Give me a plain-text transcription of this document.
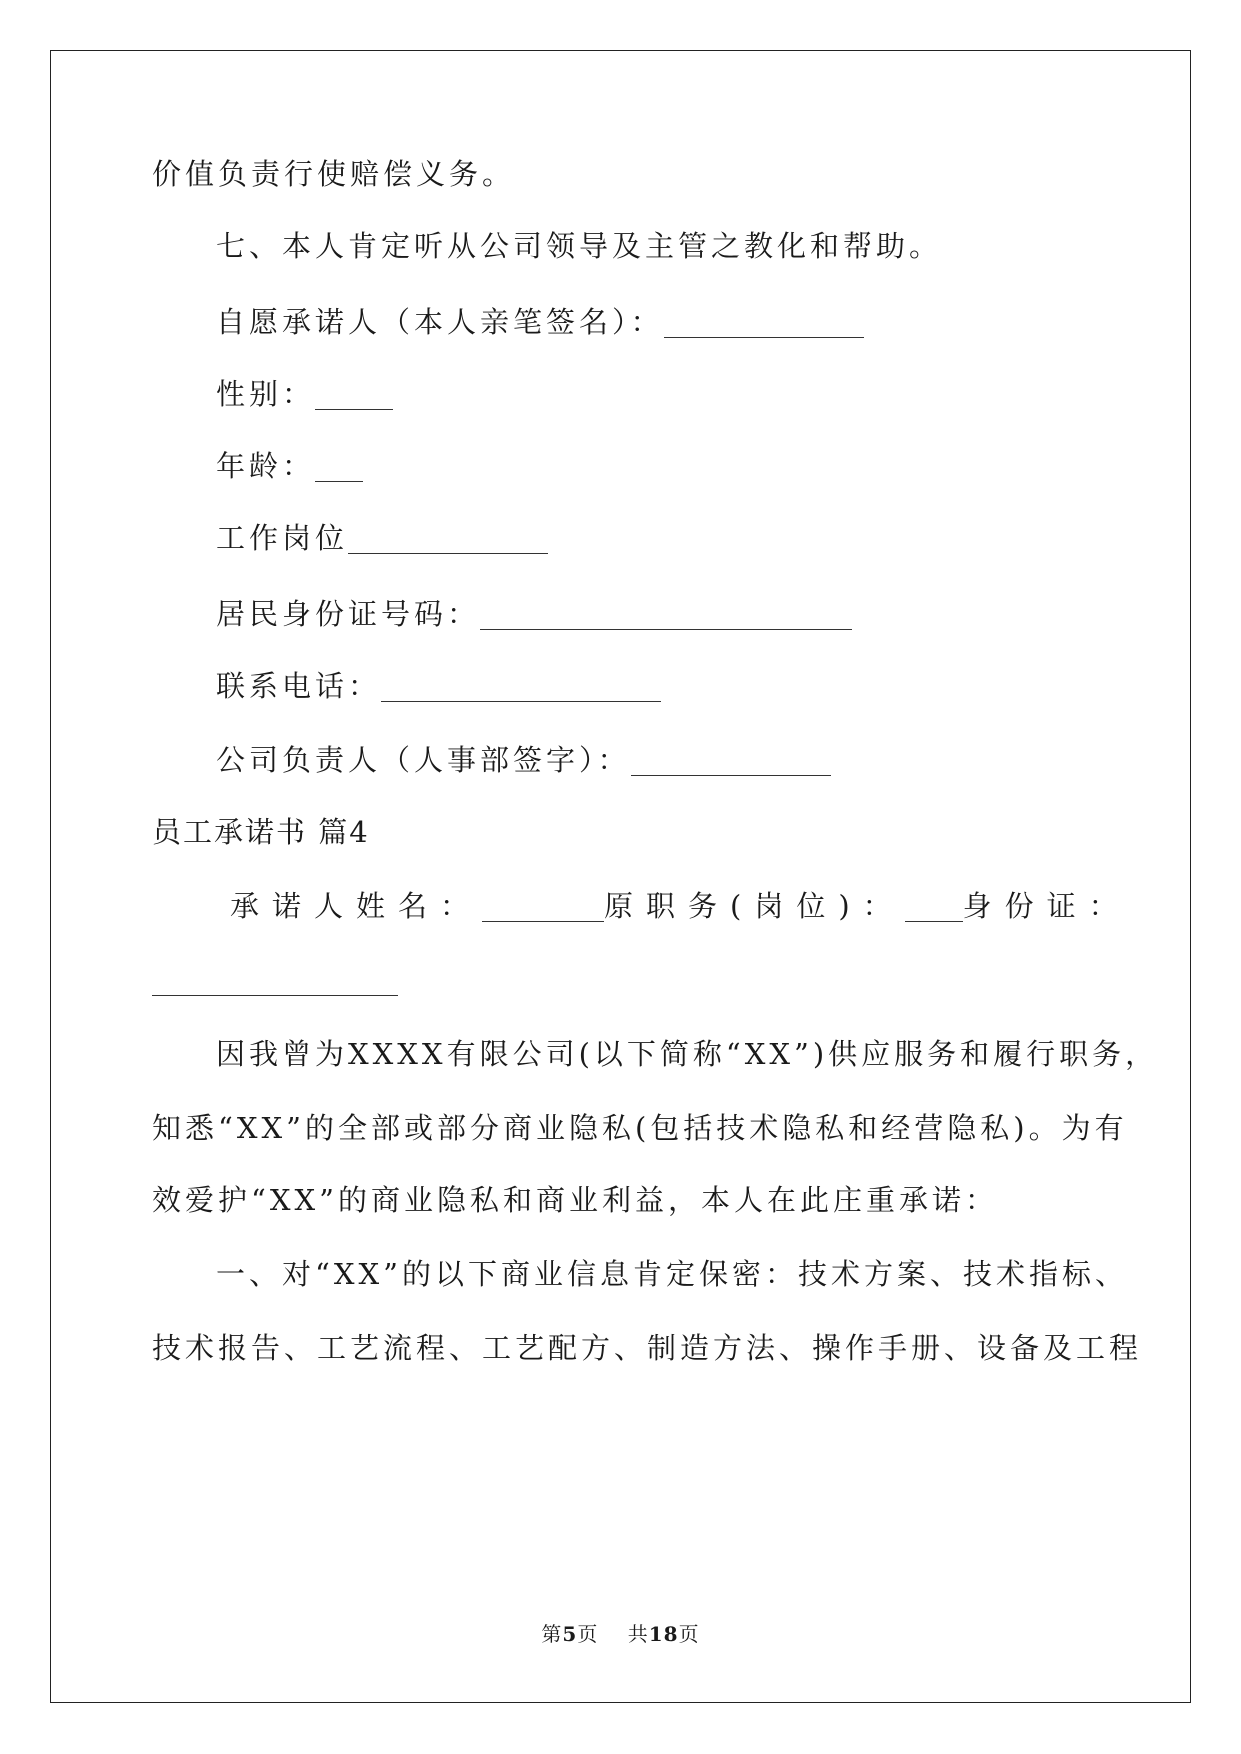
价值负责行使赔偿义务。
七、本人肯定听从公司领导及主管之教化和帮助。
自愿承诺人（本人亲笔签名）：
性别：
年龄：
工作岗位
居民身份证号码：
联系电话：
公司负责人（人事部签字）：
员工承诺书 篇4
承诺人姓名：	原职务(岗位)： 身份证：
因我曾为XXXX有限公司(以下简称“XX”)供应服务和履行职务，
知悉“XX”的全部或部分商业隐私(包括技术隐私和经营隐私)。为有
效爱护“XX”的商业隐私和商业利益，本人在此庄重承诺：
一、对“XX”的以下商业信息肯定保密：技术方案、技术指标、
技术报告、工艺流程、工艺配方、制造方法、操作手册、设备及工程
第5页    共18页
